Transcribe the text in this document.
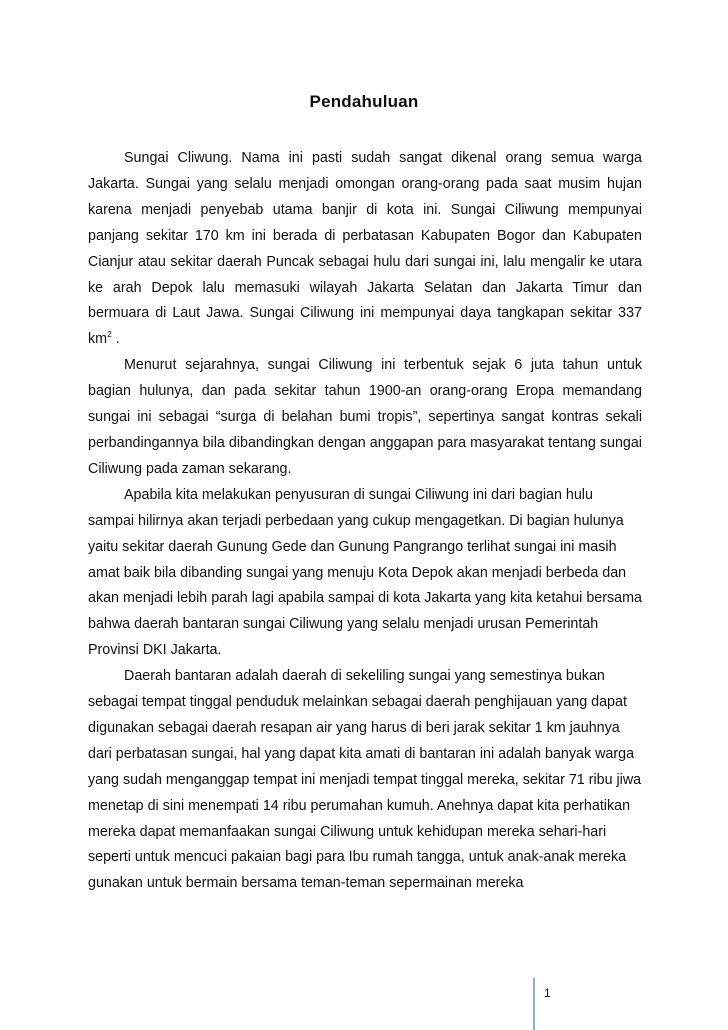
Pendahuluan

Sungai Cliwung. Nama ini pasti sudah sangat dikenal orang semua warga Jakarta. Sungai yang selalu menjadi omongan orang-orang pada saat musim hujan karena menjadi penyebab utama banjir di kota ini. Sungai Ciliwung mempunyai panjang sekitar 170 km ini berada di perbatasan Kabupaten Bogor dan Kabupaten Cianjur atau sekitar daerah Puncak sebagai hulu dari sungai ini, lalu mengalir ke utara ke arah Depok lalu memasuki wilayah Jakarta Selatan dan Jakarta Timur dan bermuara di Laut Jawa. Sungai Ciliwung ini mempunyai daya tangkapan sekitar 337 $km^2$ .

Menurut sejarahnya, sungai Ciliwung ini terbentuk sejak 6 juta tahun untuk bagian hulunya, dan pada sekitar tahun 1900-an orang-orang Eropa memandang sungai ini sebagai “surga di belahan bumi tropis”, sepertinya sangat kontras sekali perbandingannya bila dibandingkan dengan anggapan para masyarakat tentang sungai Ciliwung pada zaman sekarang.

Apabila kita melakukan penyusuran di sungai Ciliwung ini dari bagian hulu sampai hilirnya akan terjadi perbedaan yang cukup mengagetkan. Di bagian hulunya yaitu sekitar daerah Gunung Gede dan Gunung Pangrango terlihat sungai ini masih amat baik bila dibanding sungai yang menuju Kota Depok akan menjadi berbeda dan akan menjadi lebih parah lagi apabila sampai di kota Jakarta yang kita ketahui bersama bahwa daerah bantaran sungai Ciliwung yang selalu menjadi urusan Pemerintah Provinsi DKI Jakarta.

Daerah bantaran adalah daerah di sekeliling sungai yang semestinya bukan sebagai tempat tinggal penduduk melainkan sebagai daerah penghijauan yang dapat digunakan sebagai daerah resapan air yang harus di beri jarak sekitar 1 km jauhnya dari perbatasan sungai, hal yang dapat kita amati di bantaran ini adalah banyak warga yang sudah menganggap tempat ini menjadi tempat tinggal mereka, sekitar 71 ribu jiwa menetap di sini menempati 14 ribu perumahan kumuh. Anehnya dapat kita perhatikan mereka dapat memanfaakan sungai Ciliwung untuk kehidupan mereka sehari-hari seperti untuk mencuci pakaian bagi para Ibu rumah tangga, untuk anak-anak mereka gunakan untuk bermain bersama teman-teman sepermainan mereka

1
